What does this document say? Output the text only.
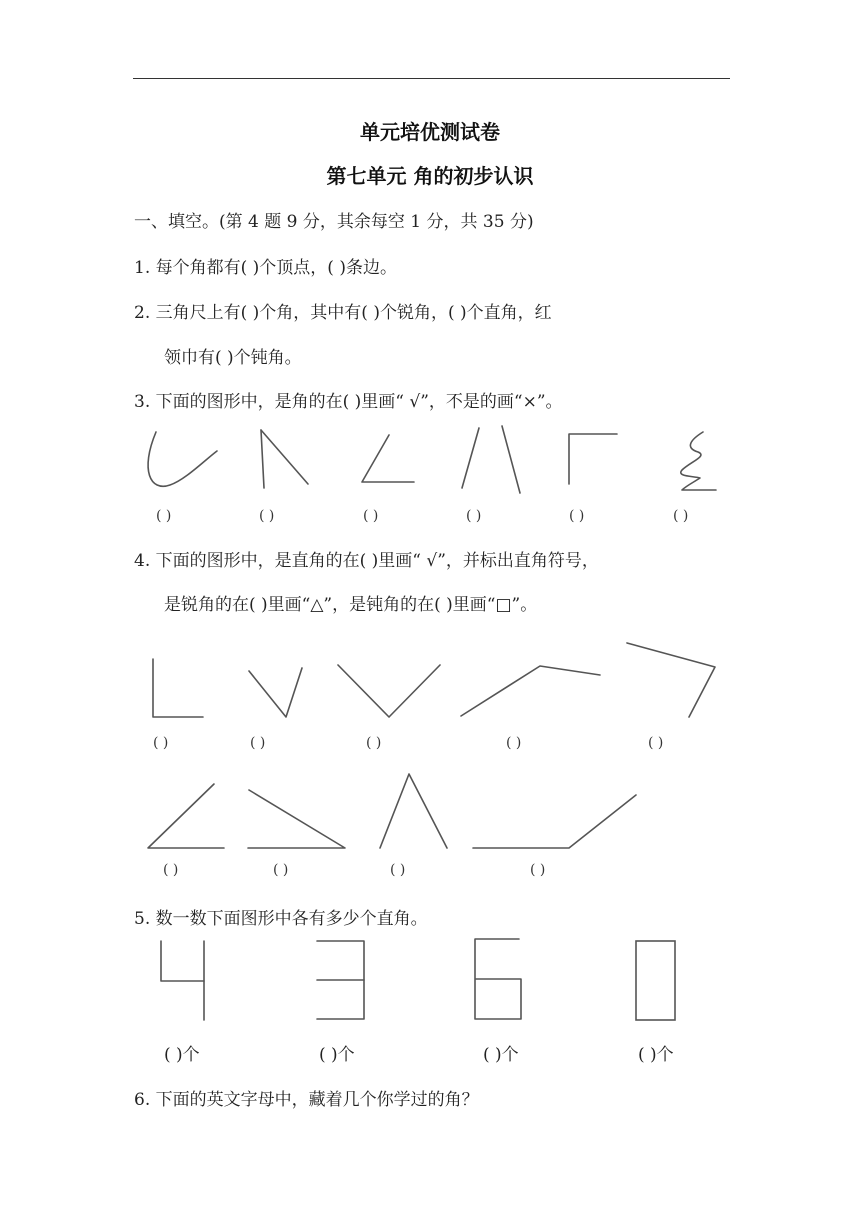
单元培优测试卷
第七单元 角的初步认识
一、填空。(第 4 题 9 分，其余每空 1 分，共 35 分)
1. 每个角都有( )个顶点，( )条边。
2. 三角尺上有( )个角，其中有( )个锐角，( )个直角，红
领巾有( )个钝角。
3. 下面的图形中，是角的在( )里画“ √”，不是的画“×”。
( )	( )	( )	( )	( )	( )
4. 下面的图形中，是直角的在( )里画“ √”，并标出直角符号，
是锐角的在( )里画“△”，是钝角的在( )里画“□”。
( )	( )	( )	( )	( )
( )	( )	( )	( )
5. 数一数下面图形中各有多少个直角。
( )个	( )个	( )个	( )个
6. 下面的英文字母中，藏着几个你学过的角？
